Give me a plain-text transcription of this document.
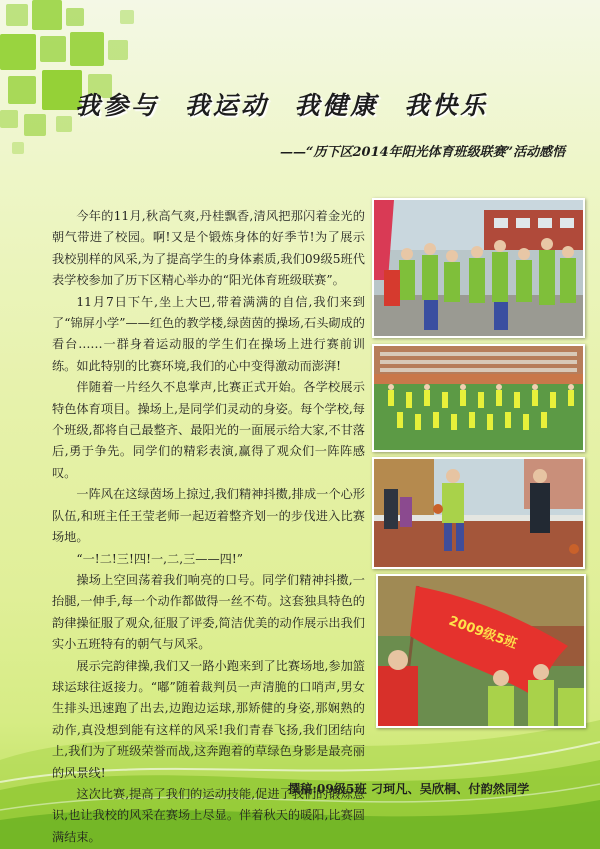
我参与 我运动 我健康 我快乐
——“历下区2014年阳光体育班级联赛”活动感悟

今年的11月,秋高气爽,丹桂飘香,清风把那闪着金光的朝气带进了校园。啊!又是个锻炼身体的好季节!为了展示我校别样的风采,为了提高学生的身体素质,我们09级5班代表学校参加了历下区精心举办的“阳光体育班级联赛”。

11月7日下午,坐上大巴,带着满满的自信,我们来到了“锦屏小学”——红色的教学楼,绿茵茵的操场,石头砌成的看台……一群身着运动服的学生们在操场上进行赛前训练。如此特别的比赛环境,我们的心中变得激动而澎湃!

伴随着一片经久不息掌声,比赛正式开始。各学校展示特色体育项目。操场上,是同学们灵动的身姿。每个学校,每个班级,都将自己最整齐、最阳光的一面展示给大家,不甘落后,勇于争先。同学们的精彩表演,赢得了观众们一阵阵感叹。

一阵风在这绿茵场上掠过,我们精神抖擞,排成一个心形队伍,和班主任王莹老师一起迈着整齐划一的步伐进入比赛场地。

“一!二!三!四!一,二,三——四!”

操场上空回荡着我们响亮的口号。同学们精神抖擞,一抬腿,一伸手,每一个动作都做得一丝不苟。这套独具特色的韵律操征服了观众,征服了评委,简洁优美的动作展示出我们实小五班特有的朝气与风采。

展示完韵律操,我们又一路小跑来到了比赛场地,参加篮球运球往返接力。“嘟”随着裁判员一声清脆的口哨声,男女生排头迅速跑了出去,边跑边运球,那矫健的身姿,那娴熟的动作,真没想到能有这样的风采!我们青春飞扬,我们团结向上,我们为了班级荣誉而战,这奔跑着的草绿色身影是最亮丽的风景线!

这次比赛,提高了我们的运动技能,促进了我们的锻炼意识,也让我校的风采在赛场上尽显。伴着秋天的暖阳,比赛圆满结束。

2009级5班
撰稿:09级5班 刁珂凡、吴欣桐、付韵然同学
